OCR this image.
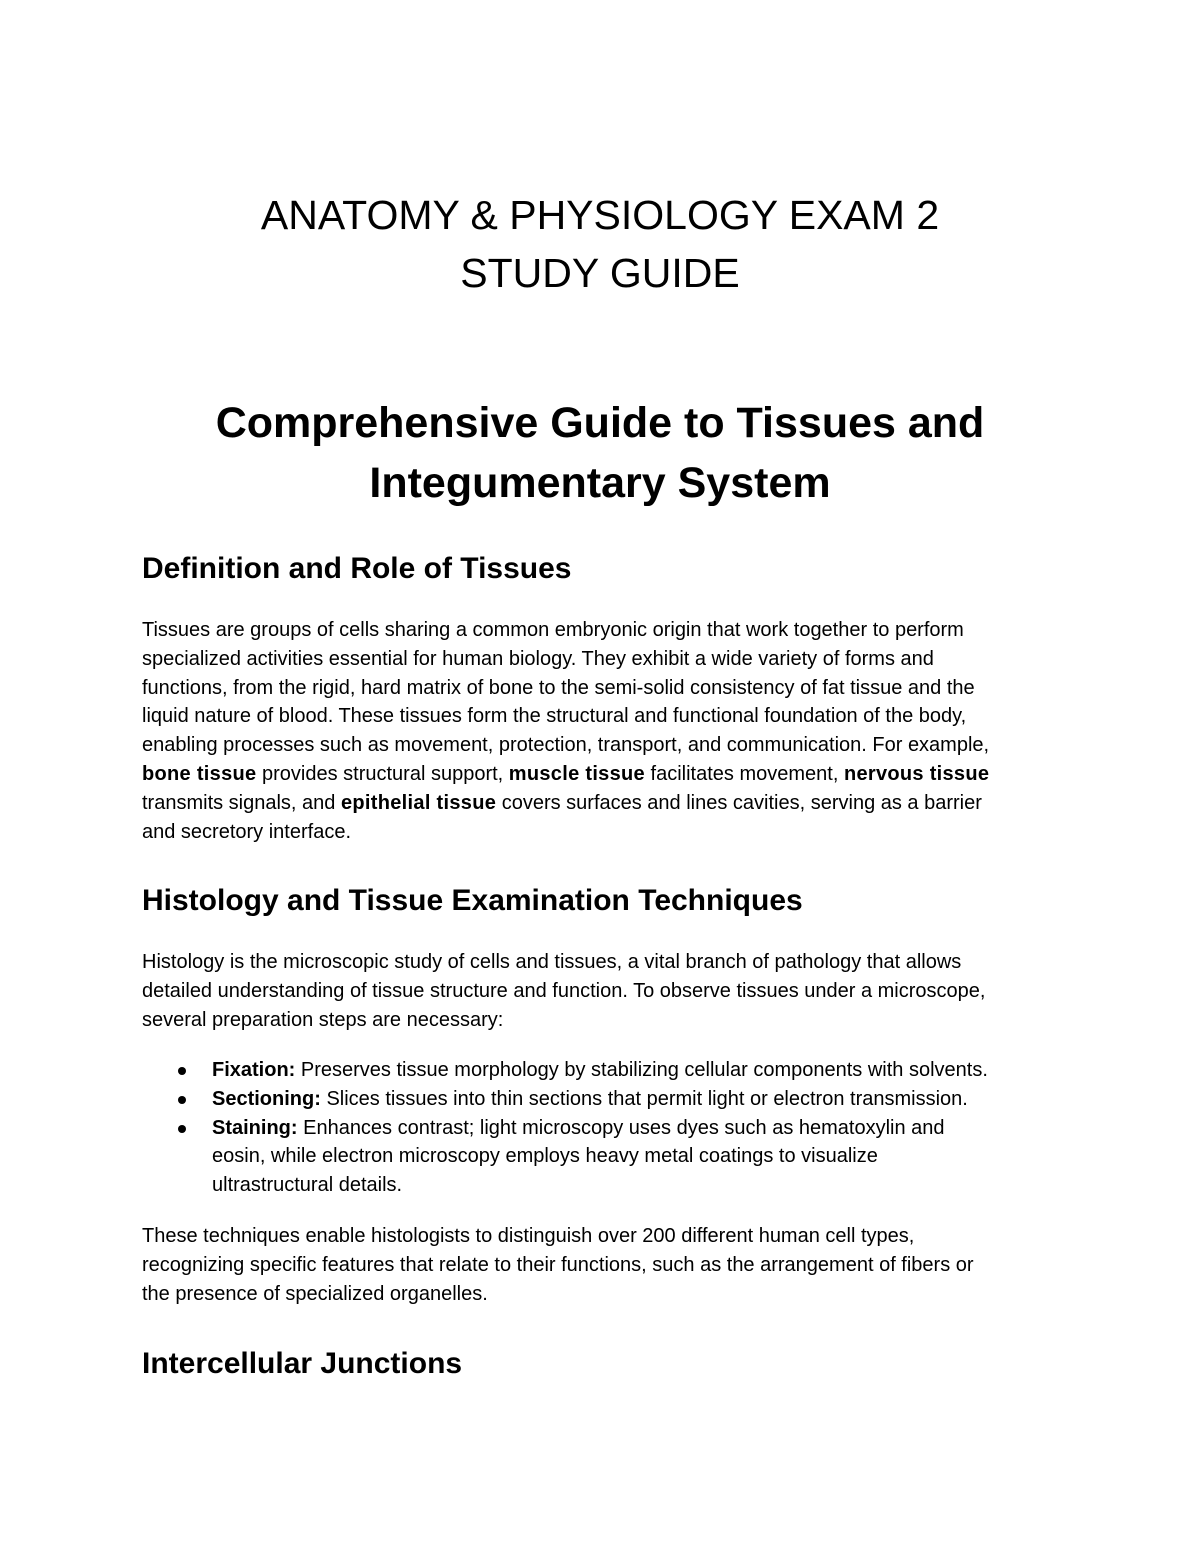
ANATOMY & PHYSIOLOGY EXAM 2
STUDY GUIDE
Comprehensive Guide to Tissues and
Integumentary System
Definition and Role of Tissues

Tissues are groups of cells sharing a common embryonic origin that work together to perform
specialized activities essential for human biology. They exhibit a wide variety of forms and
functions, from the rigid, hard matrix of bone to the semi-solid consistency of fat tissue and the
liquid nature of blood. These tissues form the structural and functional foundation of the body,
enabling processes such as movement, protection, transport, and communication. For example,
bone tissue provides structural support, muscle tissue facilitates movement, nervous tissue
transmits signals, and epithelial tissue covers surfaces and lines cavities, serving as a barrier
and secretory interface.

Histology and Tissue Examination Techniques

Histology is the microscopic study of cells and tissues, a vital branch of pathology that allows
detailed understanding of tissue structure and function. To observe tissues under a microscope,
several preparation steps are necessary:

Fixation: Preserves tissue morphology by stabilizing cellular components with solvents.
Sectioning: Slices tissues into thin sections that permit light or electron transmission.
Staining: Enhances contrast; light microscopy uses dyes such as hematoxylin and
eosin, while electron microscopy employs heavy metal coatings to visualize
ultrastructural details.

These techniques enable histologists to distinguish over 200 different human cell types,
recognizing specific features that relate to their functions, such as the arrangement of fibers or
the presence of specialized organelles.

Intercellular Junctions
